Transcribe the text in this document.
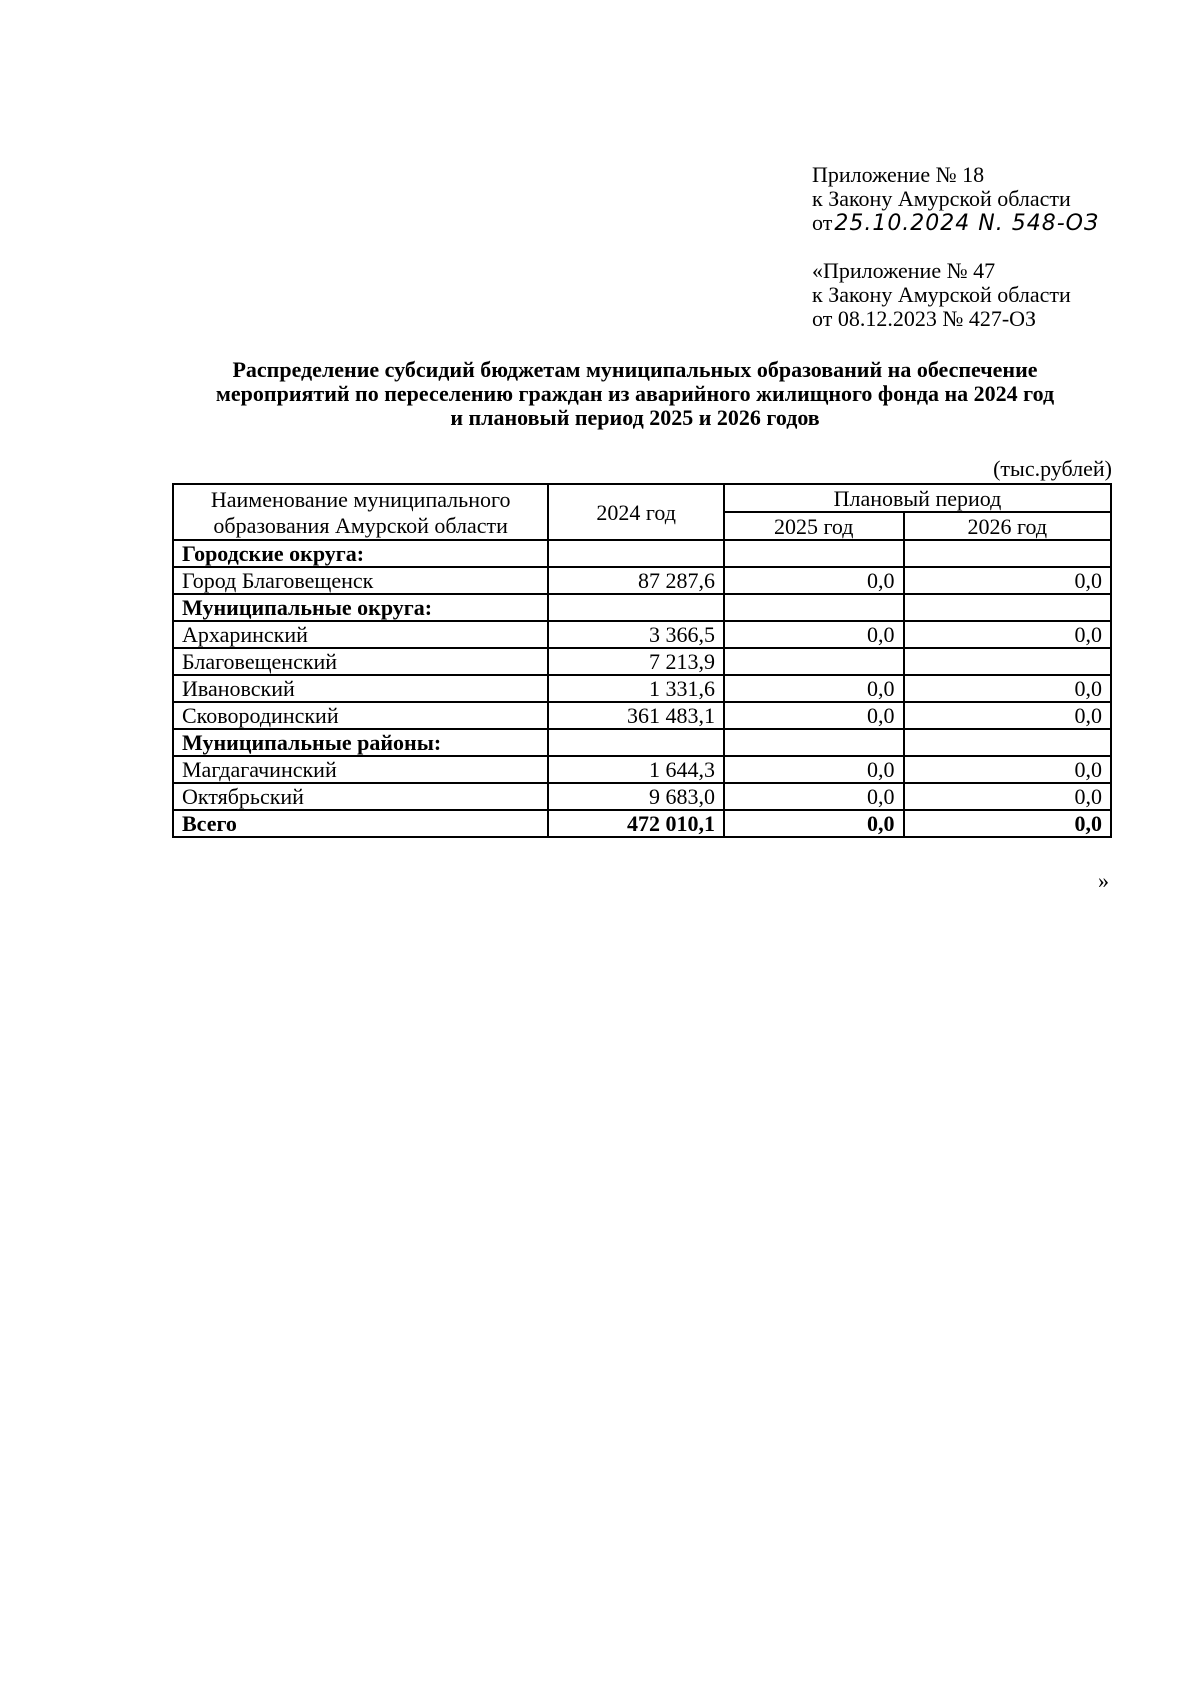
Приложение № 18
к Закону Амурской области
от25.10.2024 N. 548-ОЗ
«Приложение № 47
к Закону Амурской области
от 08.12.2023 № 427-ОЗ
Распределение субсидий бюджетам муниципальных образований на обеспечение
мероприятий по переселению граждан из аварийного жилищного фонда на 2024 год
и плановый период 2025 и 2026 годов
(тыс.рублей)
Наименование муниципального образования Амурской области	2024 год	Плановый период	
		2025 год	2026 год
Городские округа:			
Город Благовещенск	87 287,6	0,0	0,0
Муниципальные округа:			
Архаринский	3 366,5	0,0	0,0
Благовещенский	7 213,9		
Ивановский	1 331,6	0,0	0,0
Сковородинский	361 483,1	0,0	0,0
Муниципальные районы:			
Магдагачинский	1 644,3	0,0	0,0
Октябрьский	9 683,0	0,0	0,0
Всего	472 010,1	0,0	0,0
»
